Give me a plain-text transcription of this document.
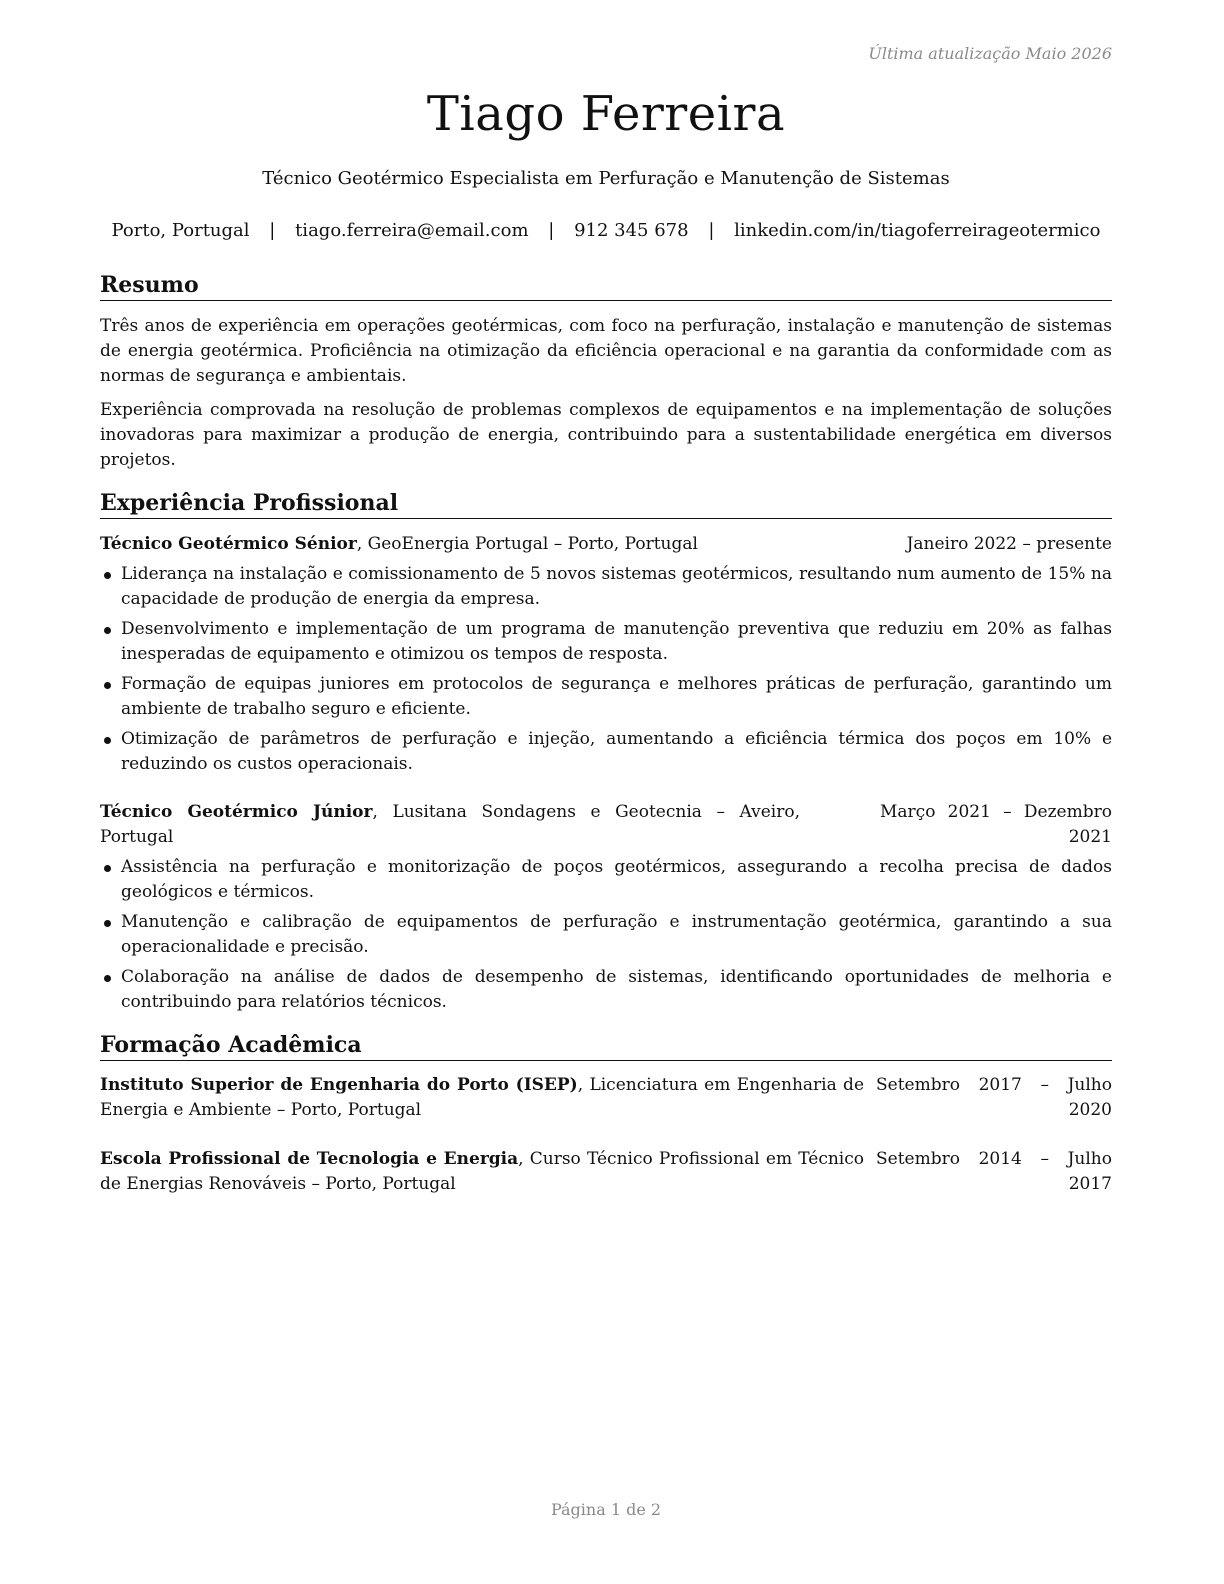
Última atualização Maio 2026
Tiago Ferreira
Técnico Geotérmico Especialista em Perfuração e Manutenção de Sistemas
Porto, Portugal | tiago.ferreira@email.com | 912 345 678 | linkedin.com/in/tiagoferreirageotermico
Resumo

Três anos de experiência em operações geotérmicas, com foco na perfuração, instalação e manutenção de sistemas de energia geotérmica. Proficiência na otimização da eficiência operacional e na garantia da conformidade com as normas de segurança e ambientais.

Experiência comprovada na resolução de problemas complexos de equipamentos e na implementação de soluções inovadoras para maximizar a produção de energia, contribuindo para a sustentabilidade energética em diversos projetos.

Experiência Profissional
Técnico Geotérmico Sénior, GeoEnergia Portugal – Porto, Portugal	Janeiro 2022 – presente
Liderança na instalação e comissionamento de 5 novos sistemas geotérmicos, resultando num aumento de 15% na capacidade de produção de energia da empresa.
Desenvolvimento e implementação de um programa de manutenção preventiva que reduziu em 20% as falhas inesperadas de equipamento e otimizou os tempos de resposta.
Formação de equipas juniores em protocolos de segurança e melhores práticas de perfuração, garantindo um ambiente de trabalho seguro e eficiente.
Otimização de parâmetros de perfuração e injeção, aumentando a eficiência térmica dos poços em 10% e reduzindo os custos operacionais.
Técnico Geotérmico Júnior, Lusitana Sondagens e Geotecnia – Aveiro, Portugal
Março 2021 – Dezembro 2021
Assistência na perfuração e monitorização de poços geotérmicos, assegurando a recolha precisa de dados geológicos e térmicos.
Manutenção e calibração de equipamentos de perfuração e instrumentação geotérmica, garantindo a sua operacionalidade e precisão.
Colaboração na análise de dados de desempenho de sistemas, identificando oportunidades de melhoria e contribuindo para relatórios técnicos.
Formação Acadêmica
Instituto Superior de Engenharia do Porto (ISEP), Licenciatura em Engenharia de Energia e Ambiente – Porto, Portugal
Setembro 2017 – Julho 2020
Escola Profissional de Tecnologia e Energia, Curso Técnico Profissional em Técnico de Energias Renováveis – Porto, Portugal
Setembro 2014 – Julho 2017
Página 1 de 2
